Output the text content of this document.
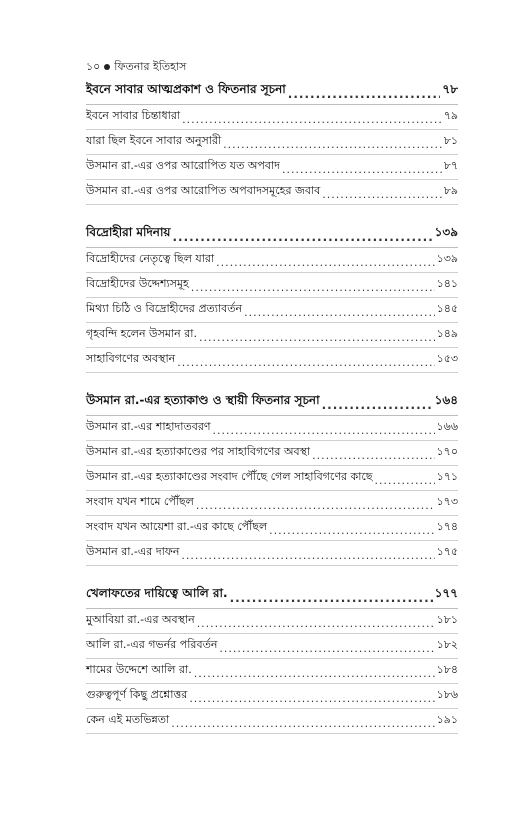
১০ ফিতনার ইতিহাস
ইবনে সাবার আত্মপ্রকাশ ও ফিতনার সূচনা .....	৭৮
ইবনে সাবার চিন্তাধারা .....	৭৯
যারা ছিল ইবনে সাবার অনুসারী .....	৮১
উসমান রা.-এর ওপর আরোপিত যত অপবাদ .....	৮৭
উসমান রা.-এর ওপর আরোপিত অপবাদসমূহের জবাব .....	৮৯
বিদ্রোহীরা মদিনায় .....	১৩৯
বিদ্রোহীদের নেতৃত্বে ছিল যারা .....	১৩৯
বিদ্রোহীদের উদ্দেশ্যসমূহ .....	১৪১
মিথ্যা চিঠি ও বিদ্রোহীদের প্রত্যাবর্তন .....	১৪৫
গৃহবন্দি হলেন উসমান রা. .....	১৪৯
সাহাবিগণের অবস্থান .....	১৫৩
উসমান রা.-এর হত্যাকাণ্ড ও স্থায়ী ফিতনার সূচনা .....	১৬৪
উসমান রা.-এর শাহাদাতবরণ .....	১৬৬
উসমান রা.-এর হত্যাকাণ্ডের পর সাহাবিগণের অবস্থা .....	১৭০
উসমান রা.-এর হত্যাকাণ্ডের সংবাদ পৌঁছে গেল সাহাবিগণের কাছে .....	১৭১
সংবাদ যখন শামে পৌঁছল .....	১৭৩
সংবাদ যখন আয়েশা রা.-এর কাছে পৌঁছল .....	১৭৪
উসমান রা.-এর দাফন .....	১৭৫
খেলাফতের দায়িত্বে আলি রা. .....	১৭৭
মুআবিয়া রা.-এর অবস্থান .....	১৮১
আলি রা.-এর গভর্নর পরিবর্তন .....	১৮২
শামের উদ্দেশে আলি রা. .....	১৮৪
গুরুত্বপূর্ণ কিছু প্রশ্নোত্তর .....	১৮৬
কেন এই মতভিন্নতা .....	১৯১
